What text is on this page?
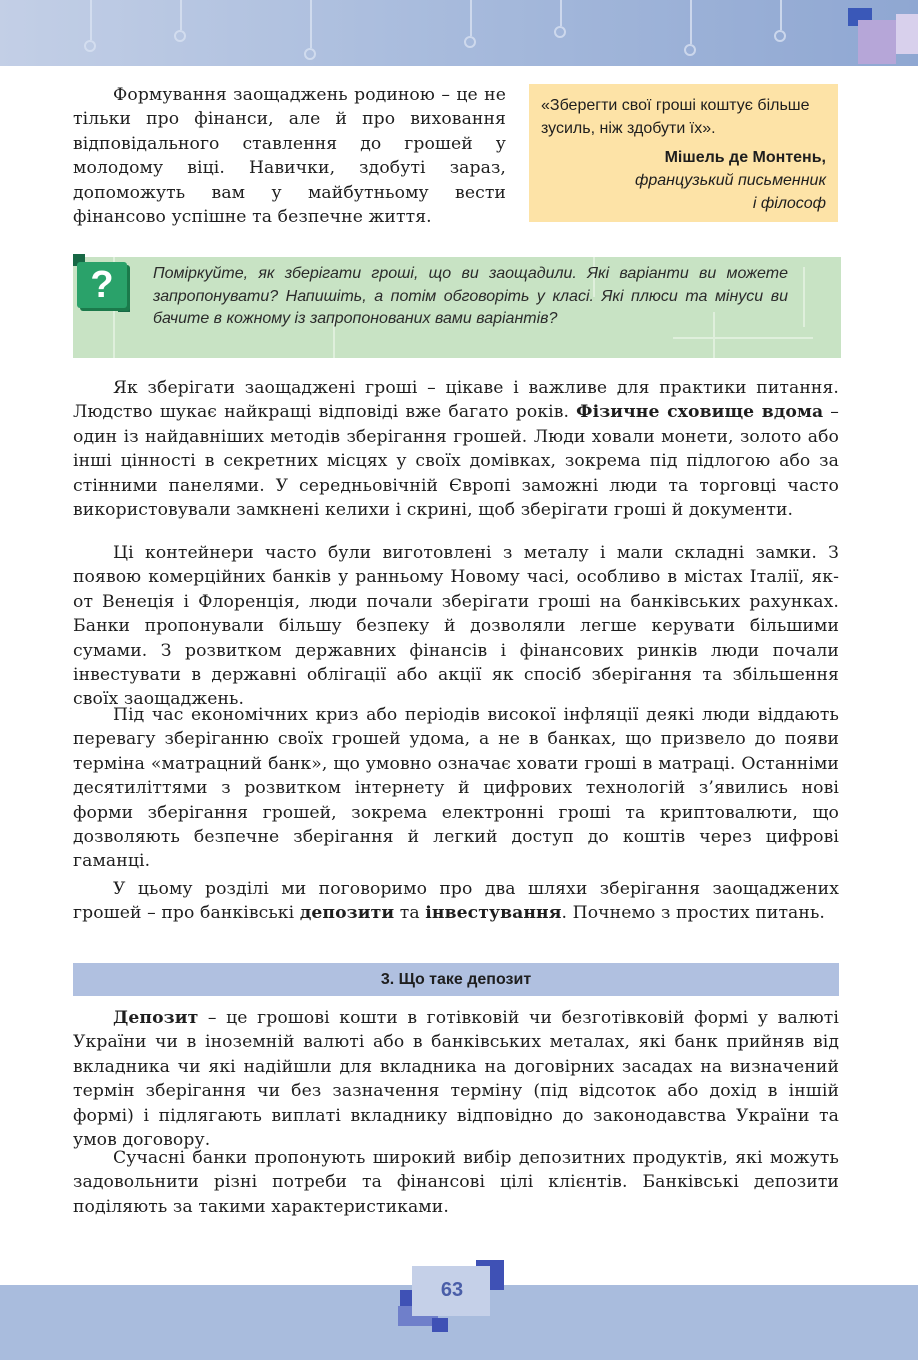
Формування заощаджень родиною – це не тільки про фінанси, але й про виховання відповідального ставлення до грошей у молодому віці. Навички, здобуті зараз, допоможуть вам у майбутньому вести фінансово успішне та безпечне життя.

«Зберегти свої гроші коштує більше зусиль, ніж здобути їх».

Мішель де Монтень,

французький письменник
і філософ

?	Поміркуйте, як зберігати гроші, що ви заощадили. Які варіанти ви можете запропонувати? Напишіть, а потім обговоріть у класі. Які плюси та мінуси ви бачите в кожному із запропонованих вами варіантів?

Як зберігати заощаджені гроші – цікаве і важливе для практики питання. Людство шукає найкращі відповіді вже багато років. Фізичне сховище вдома – один із найдавніших методів зберігання грошей. Люди ховали монети, золото або інші цінності в секретних місцях у своїх домівках, зокрема під підлогою або за стінними панелями. У середньовічній Європі заможні люди та торговці часто використовували замкнені келихи і скрині, щоб зберігати гроші й документи.

Ці контейнери часто були виготовлені з металу і мали складні замки. З появою комерційних банків у ранньому Новому часі, особливо в містах Італії, як-от Венеція і Флоренція, люди почали зберігати гроші на банківських рахунках. Банки пропонували більшу безпеку й дозволяли легше керувати більшими сумами. З розвитком державних фінансів і фінансових ринків люди почали інвестувати в державні облігації або акції як спосіб зберігання та збільшення своїх заощаджень.

Під час економічних криз або періодів високої інфляції деякі люди віддають перевагу зберіганню своїх грошей удома, а не в банках, що призвело до появи терміна «матрацний банк», що умовно означає ховати гроші в матраці. Останніми десятиліттями з розвитком інтернету й цифрових технологій з’явились нові форми зберігання грошей, зокрема електронні гроші та криптовалюти, що дозволяють безпечне зберігання й легкий доступ до коштів через цифрові гаманці.

У цьому розділі ми поговоримо про два шляхи зберігання заощаджених грошей – про банківські депозити та інвестування. Почнемо з простих питань.

3. Що таке депозит

Депозит – це грошові кошти в готівковій чи безготівковій формі у валюті України чи в іноземній валюті або в банківських металах, які банк прийняв від вкладника чи які надійшли для вкладника на договірних засадах на визначений термін зберігання чи без зазначення терміну (під відсоток або дохід в іншій формі) і підлягають виплаті вкладнику відповідно до законодавства України та умов договору.

Сучасні банки пропонують широкий вибір депозитних продуктів, які можуть задовольнити різні потреби та фінансові цілі клієнтів. Банківські депозити поділяють за такими характеристиками.

63
